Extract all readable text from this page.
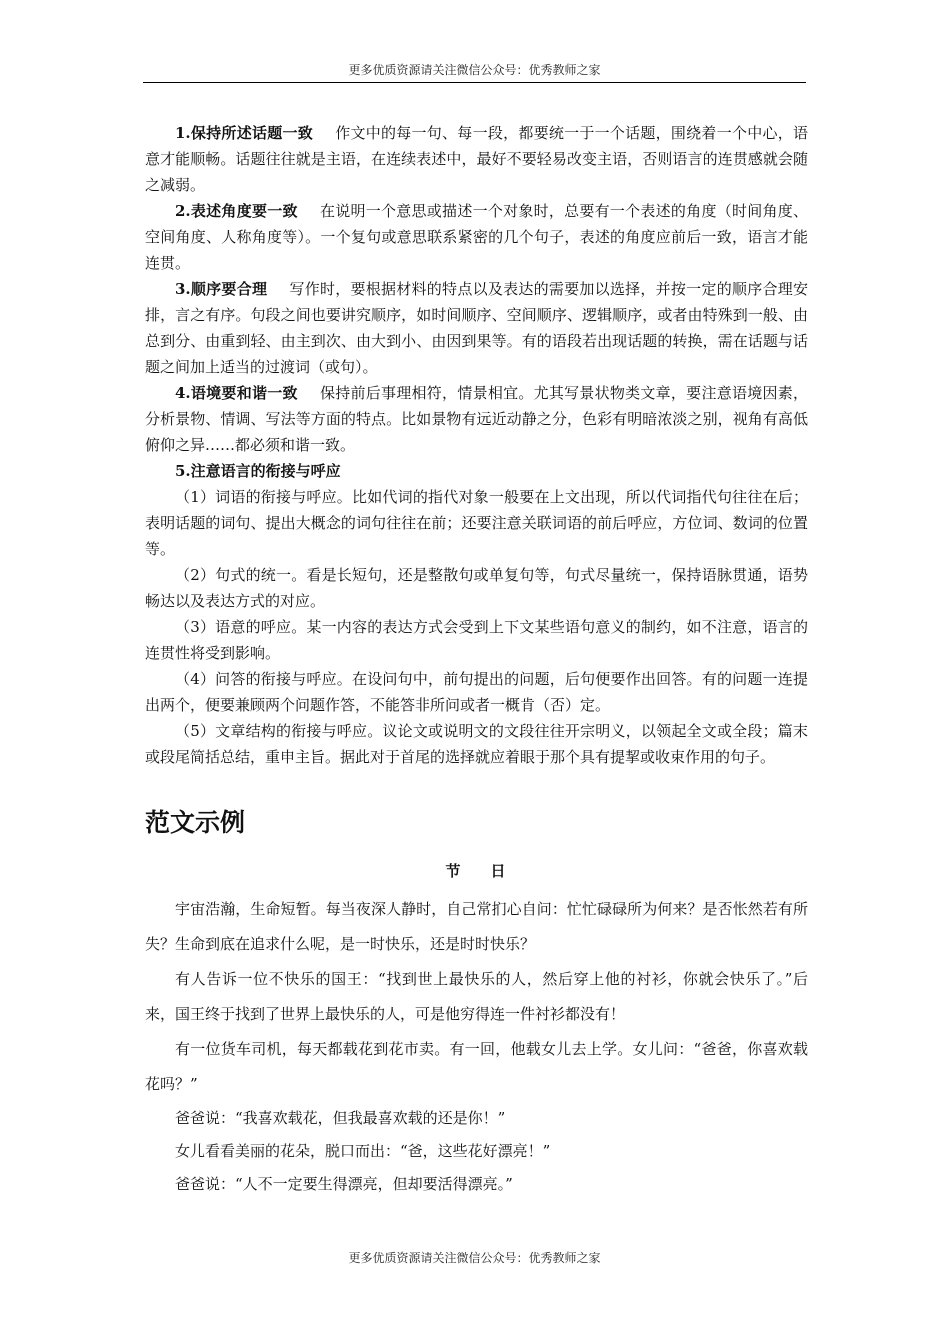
更多优质资源请关注微信公众号：优秀教师之家

1.保持所述话题一致 作文中的每一句、每一段，都要统一于一个话题，围绕着一个中心，语意才能顺畅。话题往往就是主语，在连续表述中，最好不要轻易改变主语，否则语言的连贯感就会随之减弱。

2.表述角度要一致 在说明一个意思或描述一个对象时，总要有一个表述的角度（时间角度、空间角度、人称角度等）。一个复句或意思联系紧密的几个句子，表述的角度应前后一致，语言才能连贯。

3.顺序要合理 写作时，要根据材料的特点以及表达的需要加以选择，并按一定的顺序合理安排，言之有序。句段之间也要讲究顺序，如时间顺序、空间顺序、逻辑顺序，或者由特殊到一般、由总到分、由重到轻、由主到次、由大到小、由因到果等。有的语段若出现话题的转换，需在话题与话题之间加上适当的过渡词（或句）。

4.语境要和谐一致 保持前后事理相符，情景相宜。尤其写景状物类文章，要注意语境因素，分析景物、情调、写法等方面的特点。比如景物有远近动静之分，色彩有明暗浓淡之别，视角有高低俯仰之异……都必须和谐一致。

5.注意语言的衔接与呼应

（1）词语的衔接与呼应。比如代词的指代对象一般要在上文出现，所以代词指代句往往在后；表明话题的词句、提出大概念的词句往往在前；还要注意关联词语的前后呼应，方位词、数词的位置等。

（2）句式的统一。看是长短句，还是整散句或单复句等，句式尽量统一，保持语脉贯通，语势畅达以及表达方式的对应。

（3）语意的呼应。某一内容的表达方式会受到上下文某些语句意义的制约，如不注意，语言的连贯性将受到影响。

（4）问答的衔接与呼应。在设问句中，前句提出的问题，后句便要作出回答。有的问题一连提出两个，便要兼顾两个问题作答，不能答非所问或者一概肯（否）定。

（5）文章结构的衔接与呼应。议论文或说明文的文段往往开宗明义，以领起全文或全段；篇末或段尾简括总结，重申主旨。据此对于首尾的选择就应着眼于那个具有提挈或收束作用的句子。

范文示例
节 日

宇宙浩瀚，生命短暂。每当夜深人静时，自己常扪心自问：忙忙碌碌所为何来？是否怅然若有所失？生命到底在追求什么呢，是一时快乐，还是时时快乐？

有人告诉一位不快乐的国王：“找到世上最快乐的人，然后穿上他的衬衫，你就会快乐了。”后来，国王终于找到了世界上最快乐的人，可是他穷得连一件衬衫都没有！

有一位货车司机，每天都载花到花市卖。有一回，他载女儿去上学。女儿问：“爸爸，你喜欢载花吗？”

爸爸说：“我喜欢载花，但我最喜欢载的还是你！”

女儿看看美丽的花朵，脱口而出：“爸，这些花好漂亮！”

爸爸说：“人不一定要生得漂亮，但却要活得漂亮。”

更多优质资源请关注微信公众号：优秀教师之家
